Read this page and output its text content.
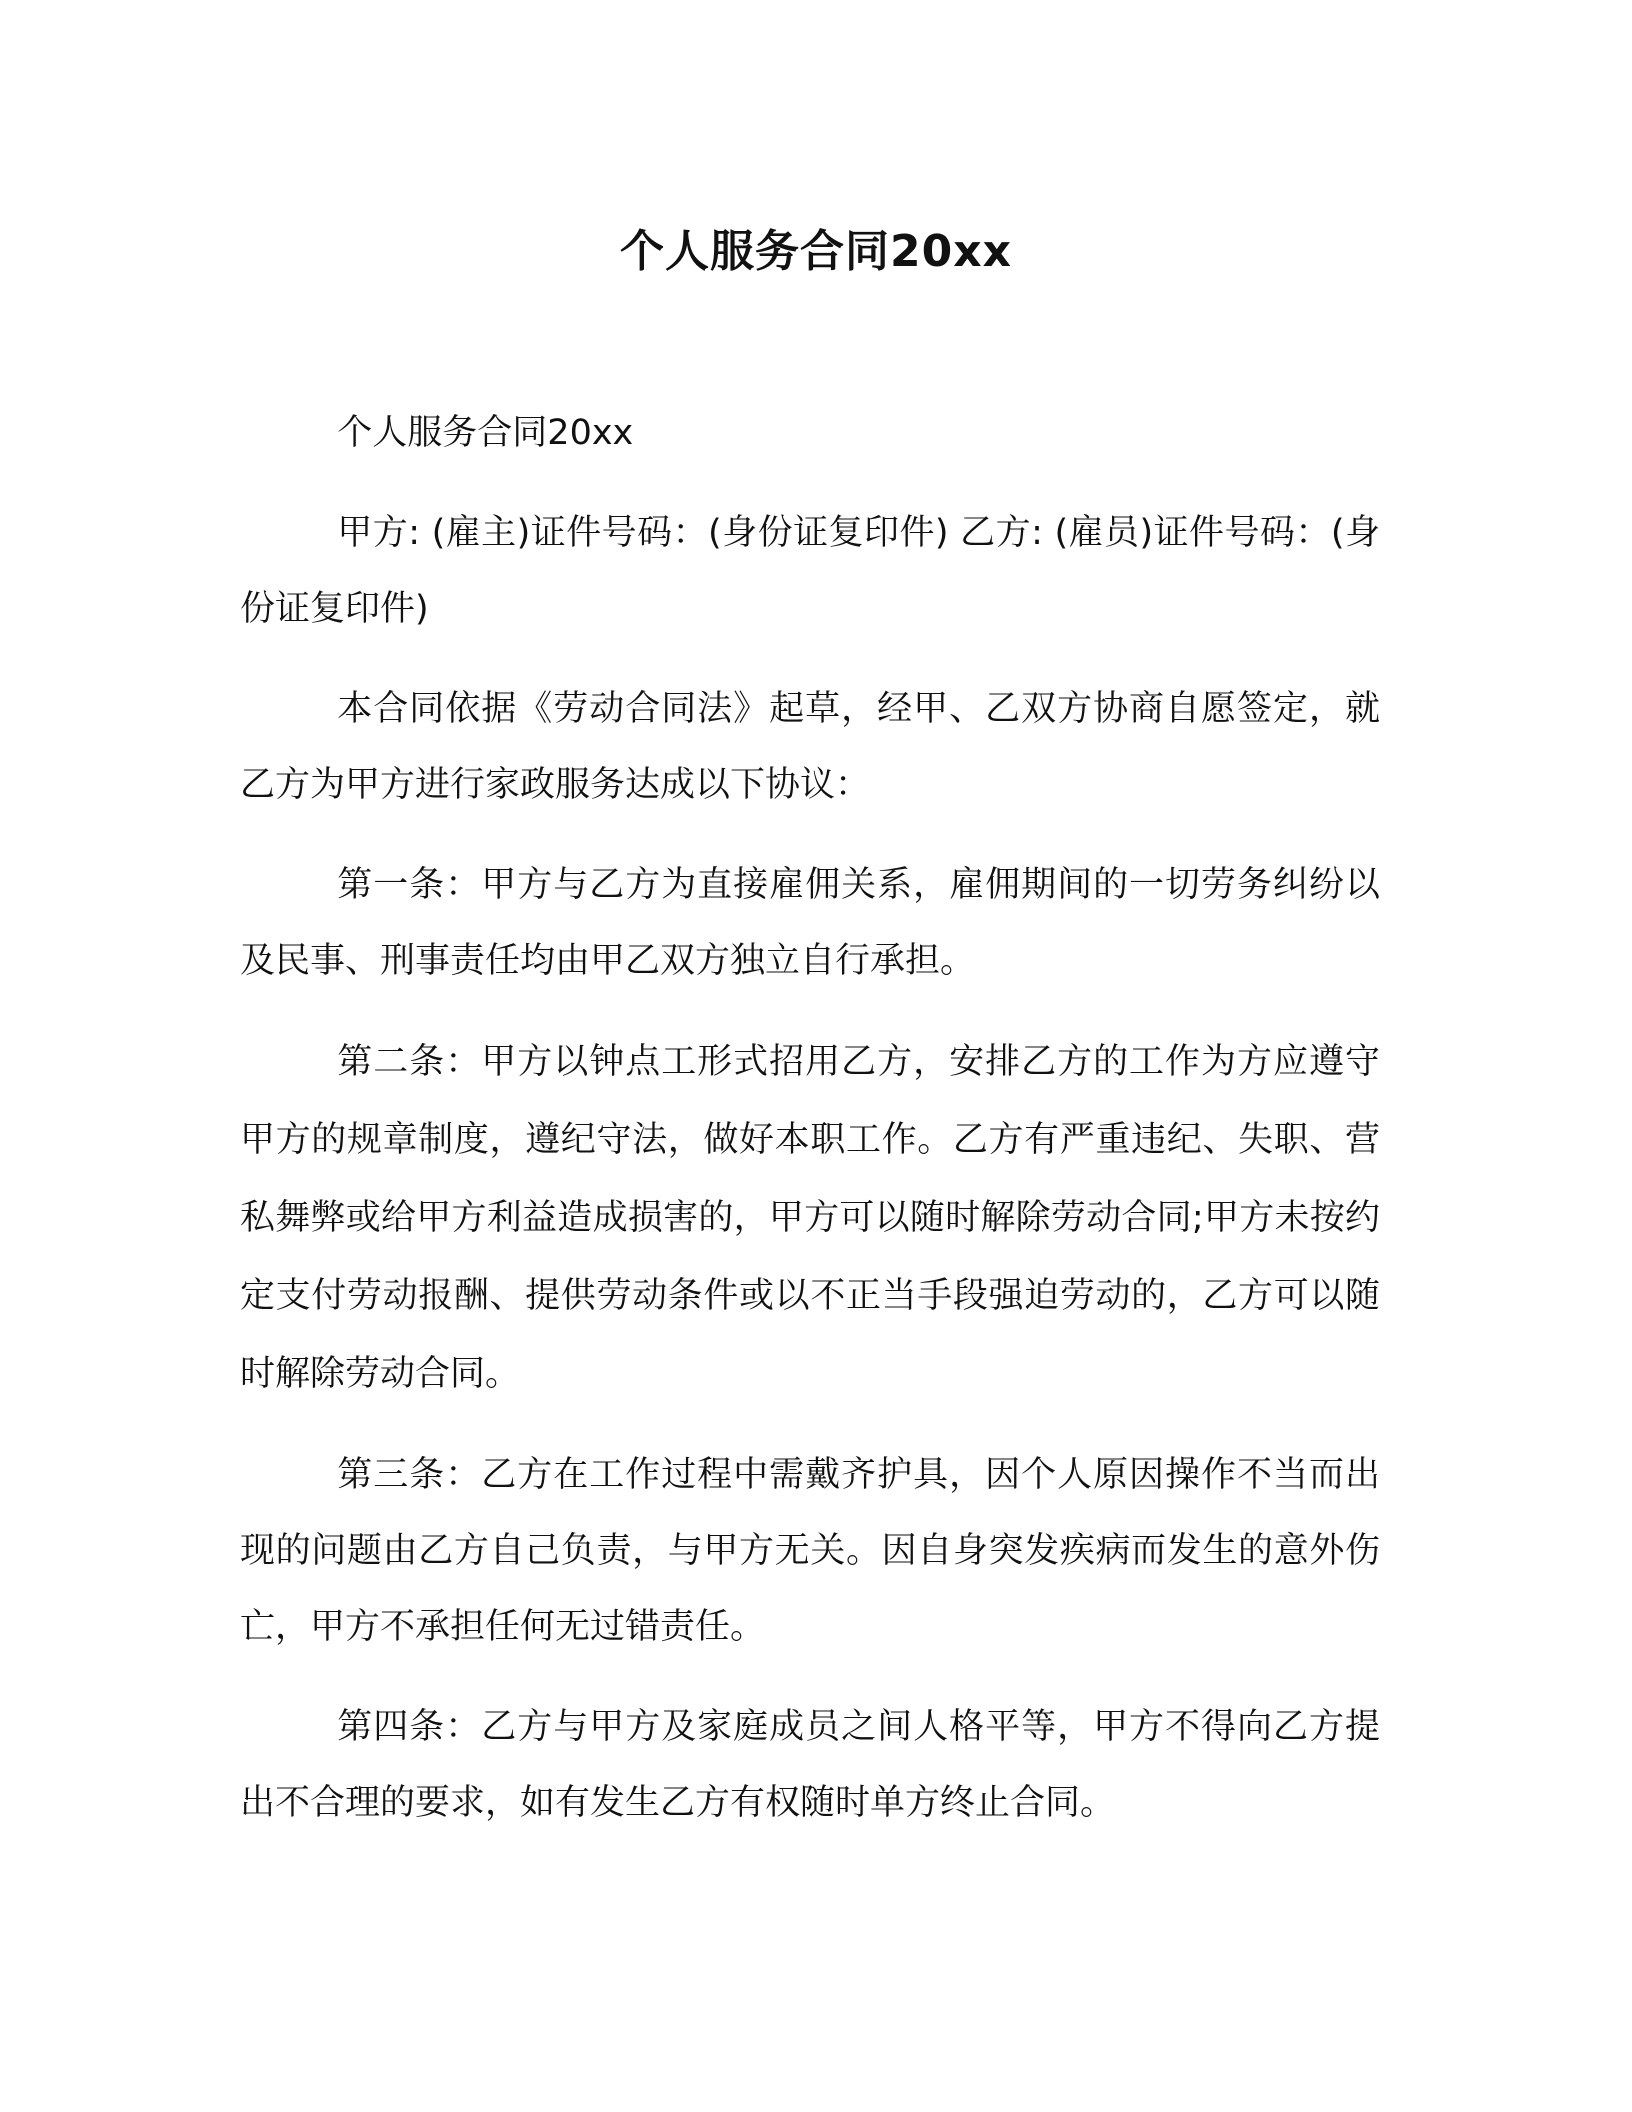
个人服务合同20xx

个人服务合同20xx

甲方: (雇主)证件号码：(身份证复印件) 乙方: (雇员)证件号码：(身份证复印件)

本合同依据《劳动合同法》起草，经甲、乙双方协商自愿签定，就乙方为甲方进行家政服务达成以下协议：

第一条：甲方与乙方为直接雇佣关系，雇佣期间的一切劳务纠纷以及民事、刑事责任均由甲乙双方独立自行承担。

第二条：甲方以钟点工形式招用乙方，安排乙方的工作为方应遵守甲方的规章制度，遵纪守法，做好本职工作。乙方有严重违纪、失职、营私舞弊或给甲方利益造成损害的，甲方可以随时解除劳动合同;甲方未按约定支付劳动报酬、提供劳动条件或以不正当手段强迫劳动的，乙方可以随时解除劳动合同。

第三条：乙方在工作过程中需戴齐护具，因个人原因操作不当而出现的问题由乙方自己负责，与甲方无关。因自身突发疾病而发生的意外伤亡，甲方不承担任何无过错责任。

第四条：乙方与甲方及家庭成员之间人格平等，甲方不得向乙方提出不合理的要求，如有发生乙方有权随时单方终止合同。
